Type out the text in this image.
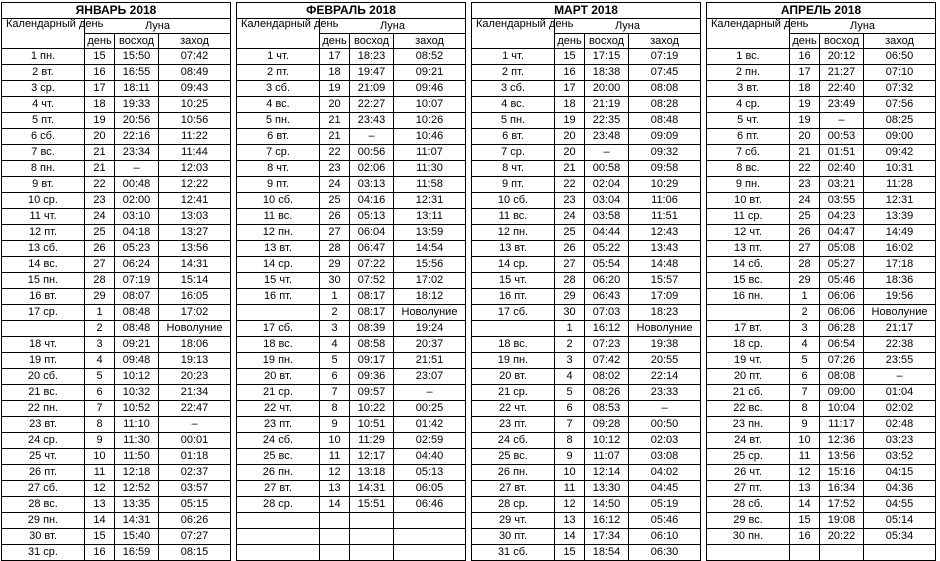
ЯНВАРЬ 2018			
Календарный день	Луна		
	день	восход	заход
1 пн.	15	15:50	07:42
2 вт.	16	16:55	08:49
3 ср.	17	18:11	09:43
4 чт.	18	19:33	10:25
5 пт.	19	20:56	10:56
6 сб.	20	22:16	11:22
7 вс.	21	23:34	11:44
8 пн.	21	–	12:03
9 вт.	22	00:48	12:22
10 ср.	23	02:00	12:41
11 чт.	24	03:10	13:03
12 пт.	25	04:18	13:27
13 сб.	26	05:23	13:56
14 вс.	27	06:24	14:31
15 пн.	28	07:19	15:14
16 вт.	29	08:07	16:05
17 ср.	1	08:48	17:02
	2	08:48	Новолуние
18 чт.	3	09:21	18:06
19 пт.	4	09:48	19:13
20 сб.	5	10:12	20:23
21 вс.	6	10:32	21:34
22 пн.	7	10:52	22:47
23 вт.	8	11:10	–
24 ср.	9	11:30	00:01
25 чт.	10	11:50	01:18
26 пт.	11	12:18	02:37
27 сб.	12	12:52	03:57
28 вс.	13	13:35	05:15
29 пн.	14	14:31	06:26
30 вт.	15	15:40	07:27
31 ср.	16	16:59	08:15
ФЕВРАЛЬ 2018			
Календарный день	Луна		
	день	восход	заход
1 чт.	17	18:23	08:52
2 пт.	18	19:47	09:21
3 сб.	19	21:09	09:46
4 вс.	20	22:27	10:07
5 пн.	21	23:43	10:26
6 вт.	21	–	10:46
7 ср.	22	00:56	11:07
8 чт.	23	02:06	11:30
9 пт.	24	03:13	11:58
10 сб.	25	04:16	12:31
11 вс.	26	05:13	13:11
12 пн.	27	06:04	13:59
13 вт.	28	06:47	14:54
14 ср.	29	07:22	15:56
15 чт.	30	07:52	17:02
16 пт.	1	08:17	18:12
	2	08:17	Новолуние
17 сб.	3	08:39	19:24
18 вс.	4	08:58	20:37
19 пн.	5	09:17	21:51
20 вт.	6	09:36	23:07
21 ср.	7	09:57	–
22 чт.	8	10:22	00:25
23 пт.	9	10:51	01:42
24 сб.	10	11:29	02:59
25 вс.	11	12:17	04:40
26 пн.	12	13:18	05:13
27 вт.	13	14:31	06:05
28 ср.	14	15:51	06:46

МАРТ 2018			
Календарный день	Луна		
	день	восход	заход
1 чт.	15	17:15	07:19
2 пт.	16	18:38	07:45
3 сб.	17	20:00	08:08
4 вс.	18	21:19	08:28
5 пн.	19	22:35	08:48
6 вт.	20	23:48	09:09
7 ср.	20	–	09:32
8 чт.	21	00:58	09:58
9 пт.	22	02:04	10:29
10 сб.	23	03:04	11:06
11 вс.	24	03:58	11:51
12 пн.	25	04:44	12:43
13 вт.	26	05:22	13:43
14 ср.	27	05:54	14:48
15 чт.	28	06:20	15:57
16 пт.	29	06:43	17:09
17 сб.	30	07:03	18:23
	1	16:12	Новолуние
18 вс.	2	07:23	19:38
19 пн.	3	07:42	20:55
20 вт.	4	08:02	22:14
21 ср.	5	08:26	23:33
22 чт.	6	08:53	–
23 пт.	7	09:28	00:50
24 сб.	8	10:12	02:03
25 вс.	9	11:07	03:08
26 пн.	10	12:14	04:02
27 вт.	11	13:30	04:45
28 ср.	12	14:50	05:19
29 чт.	13	16:12	05:46
30 пт.	14	17:34	06:10
31 сб.	15	18:54	06:30
АПРЕЛЬ 2018			
Календарный день	Луна		
	день	восход	заход
1 вс.	16	20:12	06:50
2 пн.	17	21:27	07:10
3 вт.	18	22:40	07:32
4 ср.	19	23:49	07:56
5 чт.	19	–	08:25
6 пт.	20	00:53	09:00
7 сб.	21	01:51	09:42
8 вс.	22	02:40	10:31
9 пн.	23	03:21	11:28
10 вт.	24	03:55	12:31
11 ср.	25	04:23	13:39
12 чт.	26	04:47	14:49
13 пт.	27	05:08	16:02
14 сб.	28	05:27	17:18
15 вс.	29	05:46	18:36
16 пн.	1	06:06	19:56
	2	06:06	Новолуние
17 вт.	3	06:28	21:17
18 ср.	4	06:54	22:38
19 чт.	5	07:26	23:55
20 пт.	6	08:08	–
21 сб.	7	09:00	01:04
22 вс.	8	10:04	02:02
23 пн.	9	11:17	02:48
24 вт.	10	12:36	03:23
25 ср.	11	13:56	03:52
26 чт.	12	15:16	04:15
27 пт.	13	16:34	04:36
28 сб.	14	17:52	04:55
29 вс.	15	19:08	05:14
30 пн.	16	20:22	05:34
